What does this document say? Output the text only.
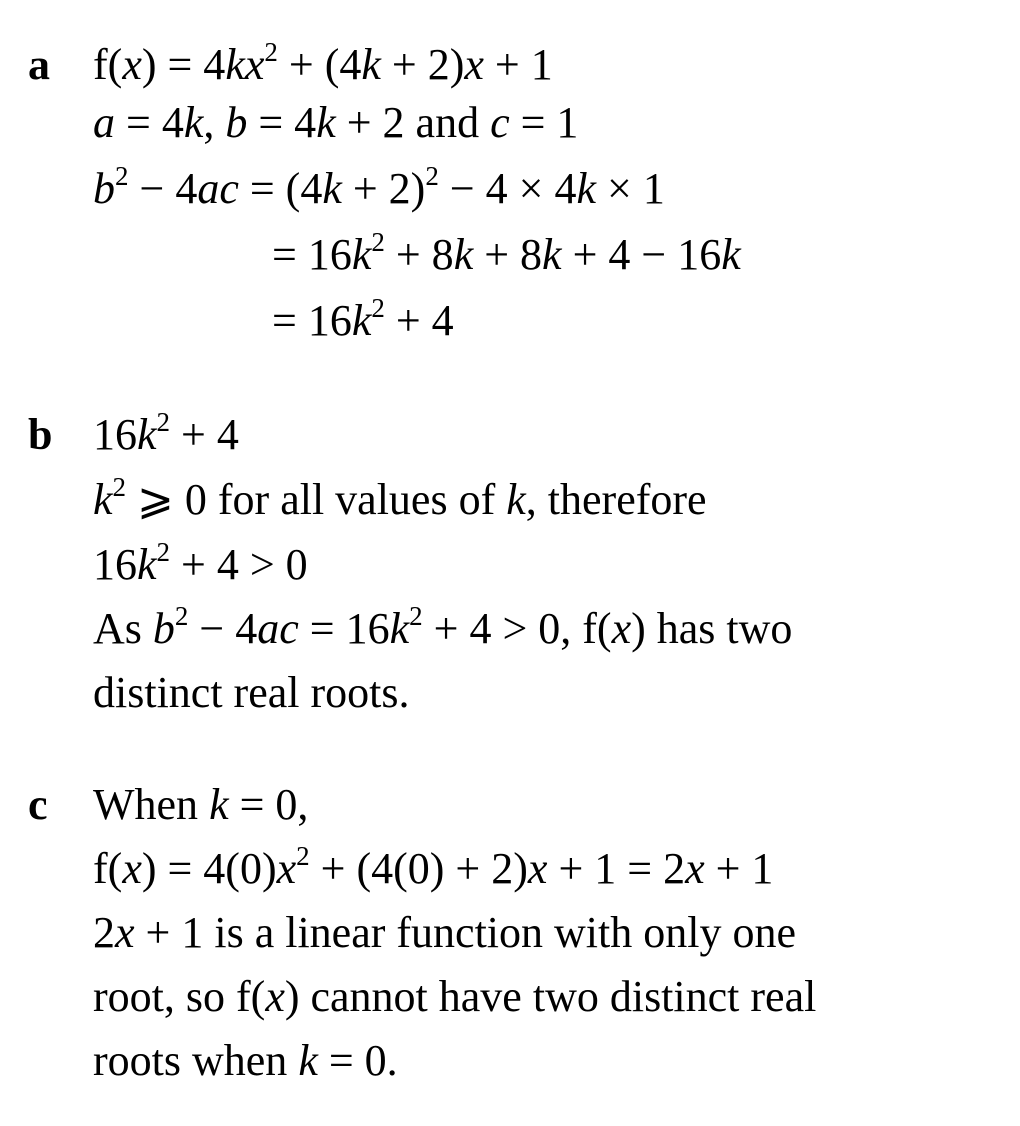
a $f(x) = 4kx^2 + (4k + 2)x + 1$
a = 4k, b = 4k + 2 and c = 1
$b^2 - 4ac = (4k + 2)^2 - 4 \times 4k \times 1$
= $16k^2 + 8k + 8k + 4 - 16k$
= $16k^2 + 4$
b $16k^2 + 4$
$k^2$ ⩾ 0 for all values of k, therefore
$16k^2 + 4 > 0$
As $b^2 - 4ac = 16k^2 + 4 > 0$, f(x) has two
distinct real roots.
c When k = 0,
$f(x) = 4(0)x^2 + (4(0) + 2)x + 1 = 2x + 1$
2x + 1 is a linear function with only one
root, so f(x) cannot have two distinct real
roots when k = 0.
